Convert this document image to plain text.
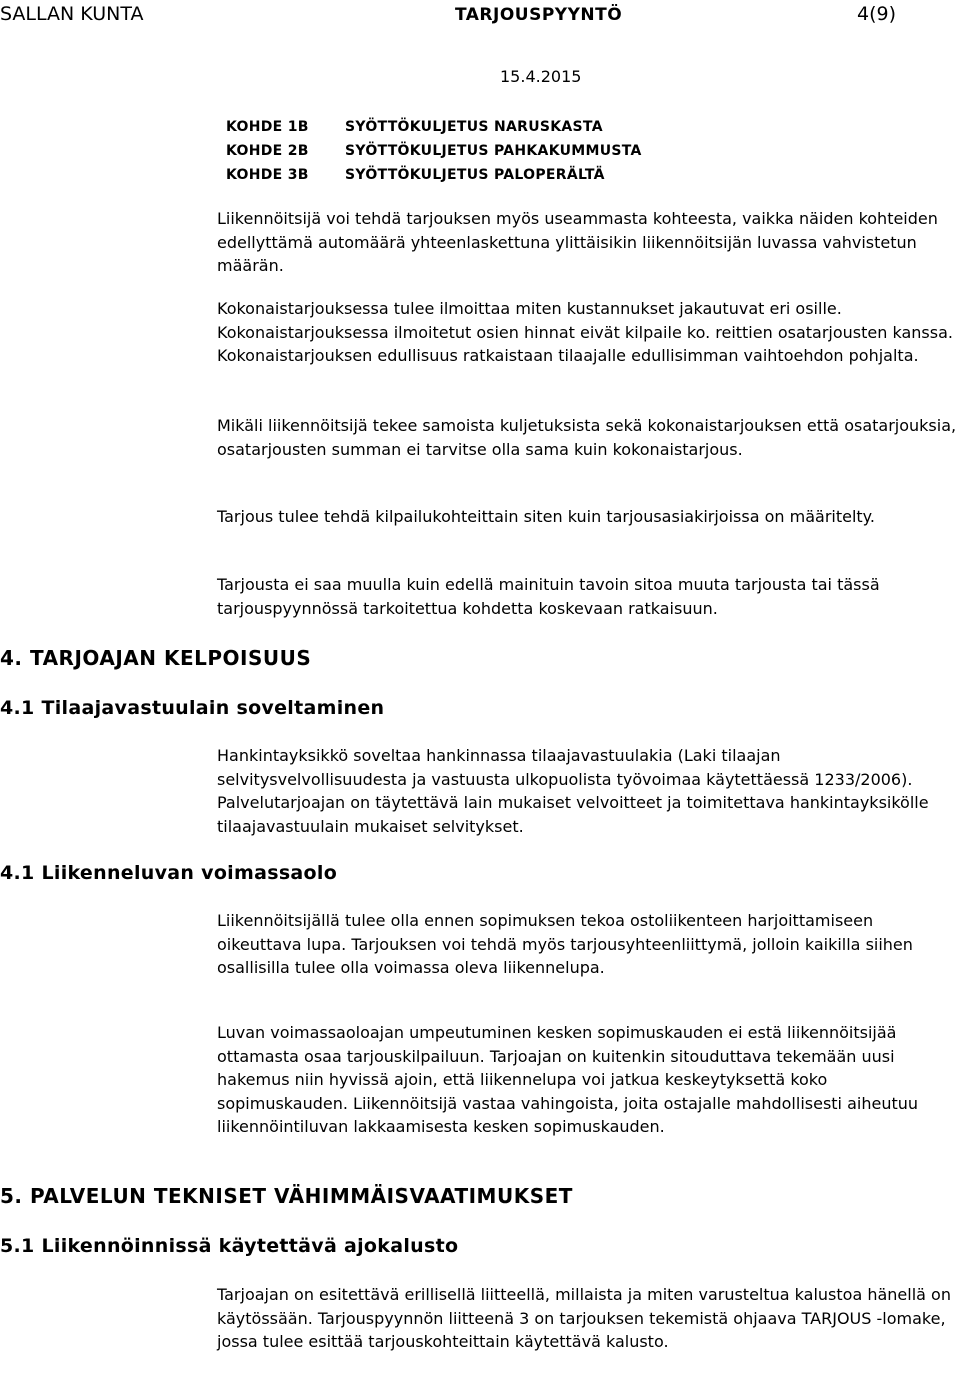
SALLAN KUNTA	TARJOUSPYYNTÖ	4(9)
15.4.2015
KOHDE 1B	SYÖTTÖKULJETUS NARUSKASTA
KOHDE 2B	SYÖTTÖKULJETUS PAHKAKUMMUSTA
KOHDE 3B	SYÖTTÖKULJETUS PALOPERÄLTÄ
Liikennöitsijä voi tehdä tarjouksen myös useammasta kohteesta, vaikka näiden kohteiden edellyttämä automäärä yhteenlaskettuna ylittäisikin liikennöitsijän luvassa vahvistetun määrän.
Kokonaistarjouksessa tulee ilmoittaa miten kustannukset jakautuvat eri osille. Kokonaistarjouksessa ilmoitetut osien hinnat eivät kilpaile ko. reittien osatarjousten kanssa. Kokonaistarjouksen edullisuus ratkaistaan tilaajalle edullisimman vaihtoehdon pohjalta.
Mikäli liikennöitsijä tekee samoista kuljetuksista sekä kokonaistarjouksen että osatarjouksia, osatarjousten summan ei tarvitse olla sama kuin kokonaistarjous.
Tarjous tulee tehdä kilpailukohteittain siten kuin tarjousasiakirjoissa on määritelty.
Tarjousta ei saa muulla kuin edellä mainituin tavoin sitoa muuta tarjousta tai tässä tarjouspyynnössä tarkoitettua kohdetta koskevaan ratkaisuun.
4. TARJOAJAN KELPOISUUS
4.1 Tilaajavastuulain soveltaminen
Hankintayksikkö soveltaa hankinnassa tilaajavastuulakia (Laki tilaajan selvitysvelvollisuudesta ja vastuusta ulkopuolista työvoimaa käytettäessä 1233/2006). Palvelutarjoajan on täytettävä lain mukaiset velvoitteet ja toimitettava hankintayksikölle tilaajavastuulain mukaiset selvitykset.
4.1 Liikenneluvan voimassaolo
Liikennöitsijällä tulee olla ennen sopimuksen tekoa ostoliikenteen harjoittamiseen oikeuttava lupa. Tarjouksen voi tehdä myös tarjousyhteenliittymä, jolloin kaikilla siihen osallisilla tulee olla voimassa oleva liikennelupa.
Luvan voimassaoloajan umpeutuminen kesken sopimuskauden ei estä liikennöitsijää ottamasta osaa tarjouskilpailuun. Tarjoajan on kuitenkin sitouduttava tekemään uusi hakemus niin hyvissä ajoin, että liikennelupa voi jatkua keskeytyksettä koko sopimuskauden. Liikennöitsijä vastaa vahingoista, joita ostajalle mahdollisesti aiheutuu liikennöintiluvan lakkaamisesta kesken sopimuskauden.
5. PALVELUN TEKNISET VÄHIMMÄISVAATIMUKSET
5.1 Liikennöinnissä käytettävä ajokalusto
Tarjoajan on esitettävä erillisellä liitteellä, millaista ja miten varusteltua kalustoa hänellä on käytössään. Tarjouspyynnön liitteenä 3 on tarjouksen tekemistä ohjaava TARJOUS -lomake, jossa tulee esittää tarjouskohteittain käytettävä kalusto.
